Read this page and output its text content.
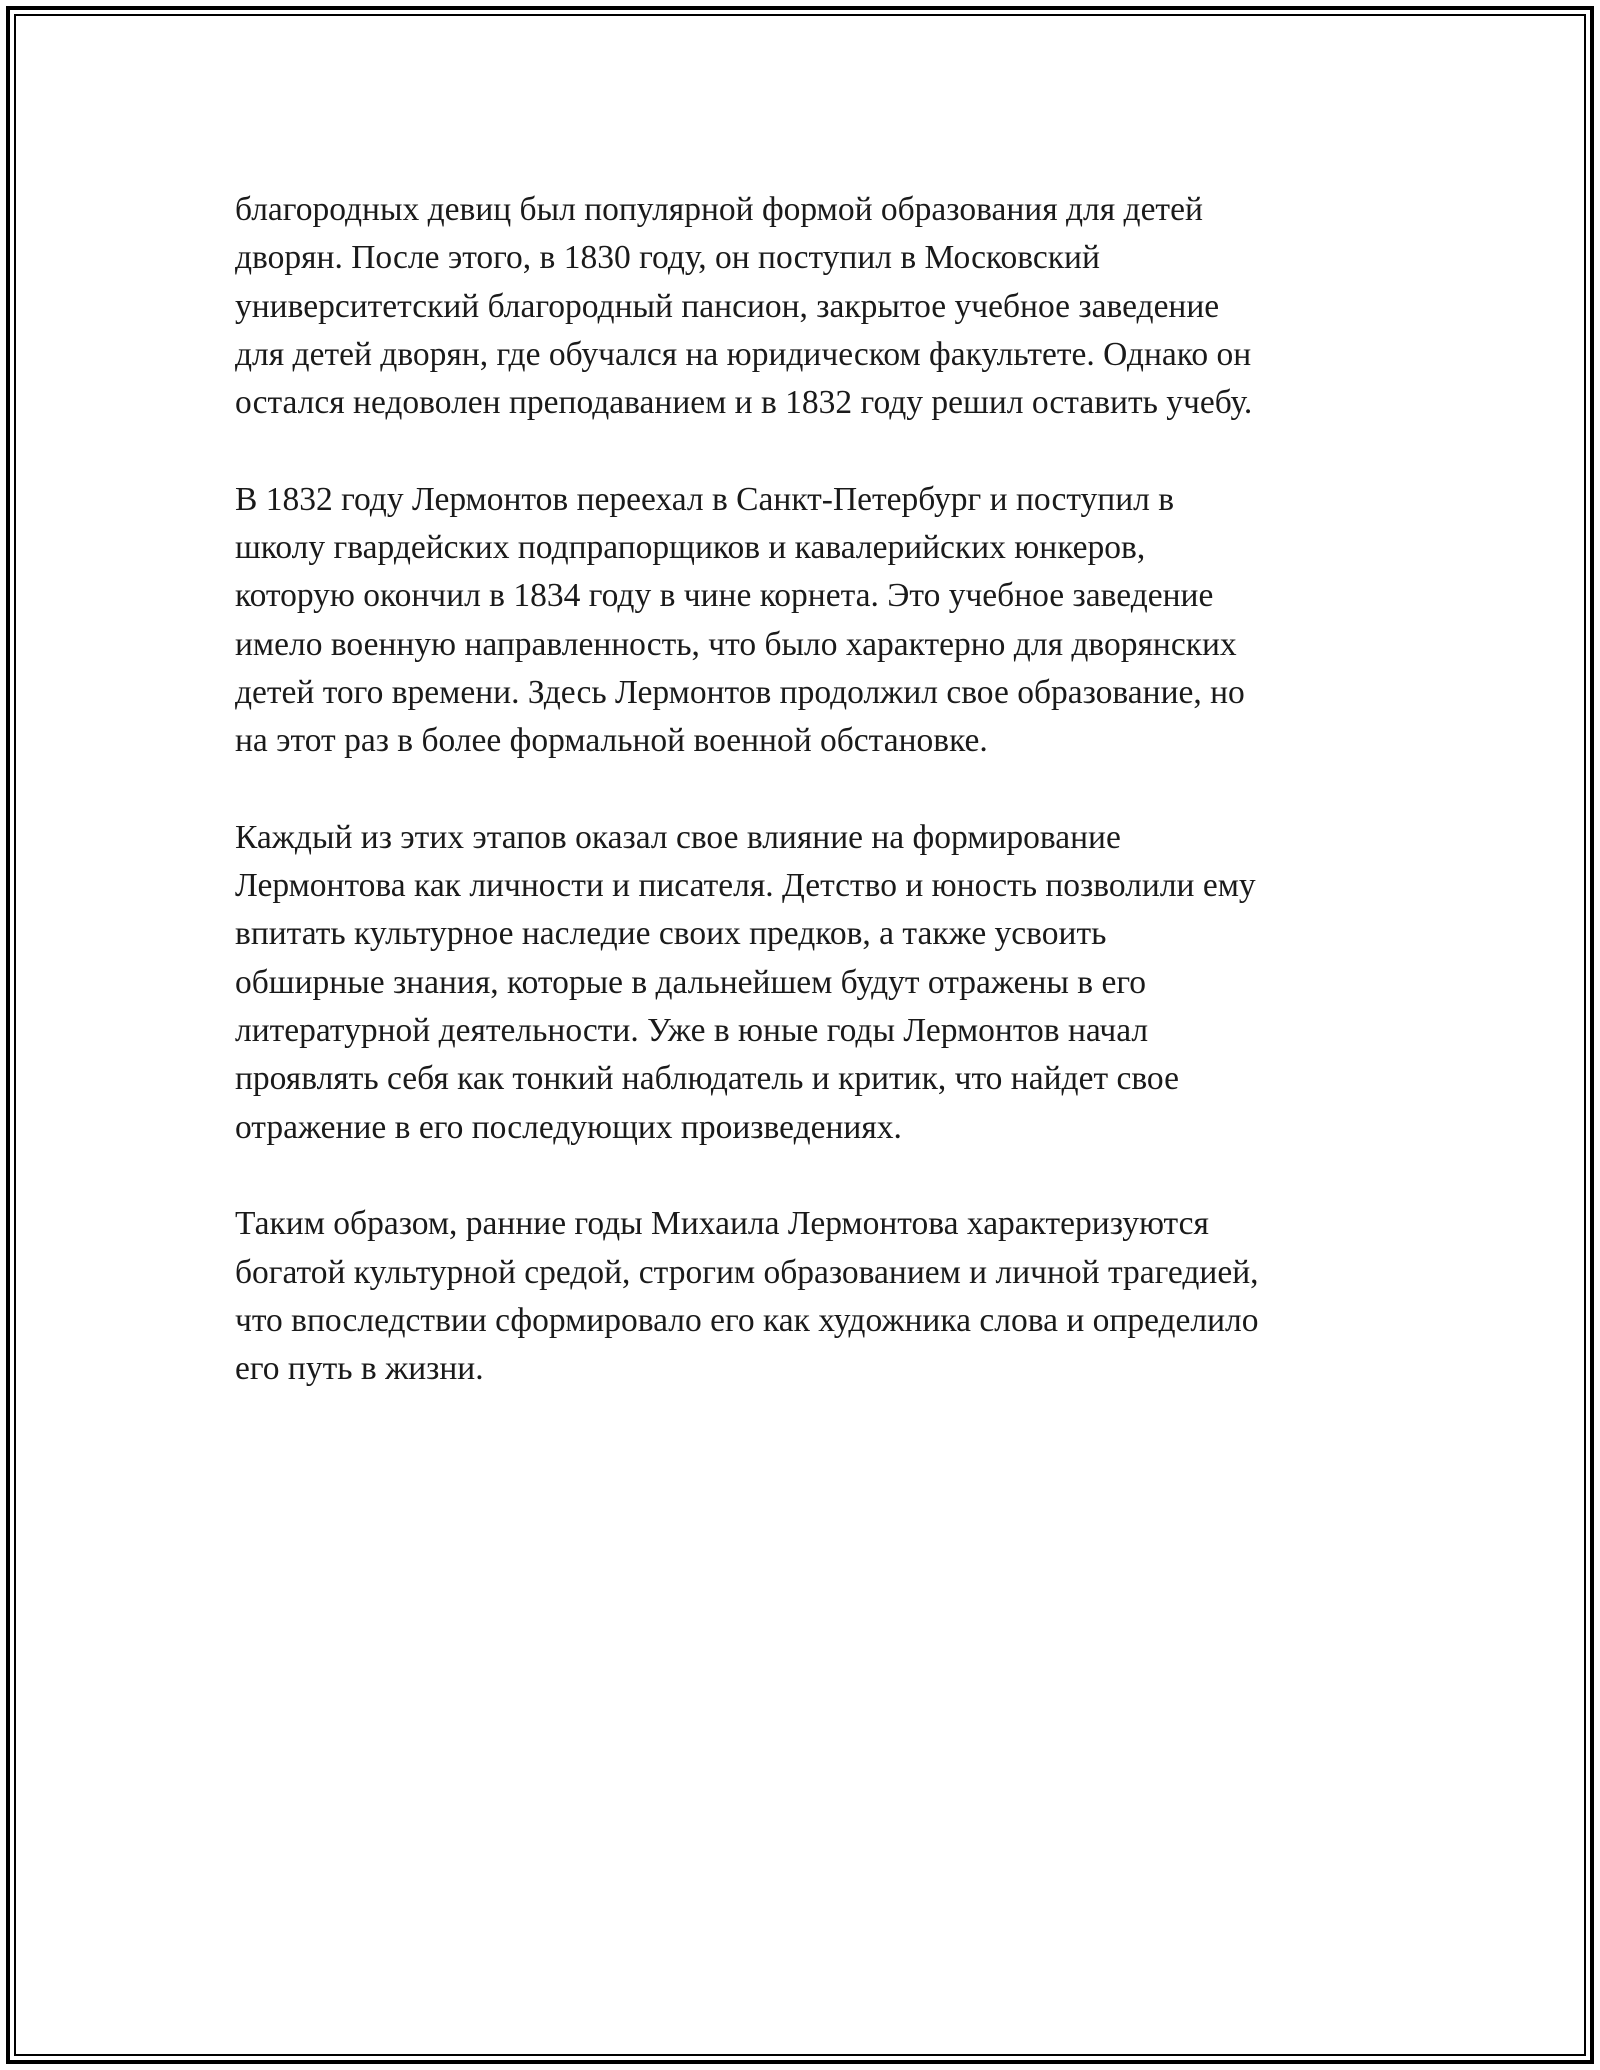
благородных девиц был популярной формой образования для детей
дворян. После этого, в 1830 году, он поступил в Московский
университетский благородный пансион, закрытое учебное заведение
для детей дворян, где обучался на юридическом факультете. Однако он
остался недоволен преподаванием и в 1832 году решил оставить учебу.

В 1832 году Лермонтов переехал в Санкт-Петербург и поступил в
школу гвардейских подпрапорщиков и кавалерийских юнкеров,
которую окончил в 1834 году в чине корнета. Это учебное заведение
имело военную направленность, что было характерно для дворянских
детей того времени. Здесь Лермонтов продолжил свое образование, но
на этот раз в более формальной военной обстановке.

Каждый из этих этапов оказал свое влияние на формирование
Лермонтова как личности и писателя. Детство и юность позволили ему
впитать культурное наследие своих предков, а также усвоить
обширные знания, которые в дальнейшем будут отражены в его
литературной деятельности. Уже в юные годы Лермонтов начал
проявлять себя как тонкий наблюдатель и критик, что найдет свое
отражение в его последующих произведениях.

Таким образом, ранние годы Михаила Лермонтова характеризуются
богатой культурной средой, строгим образованием и личной трагедией,
что впоследствии сформировало его как художника слова и определило
его путь в жизни.
